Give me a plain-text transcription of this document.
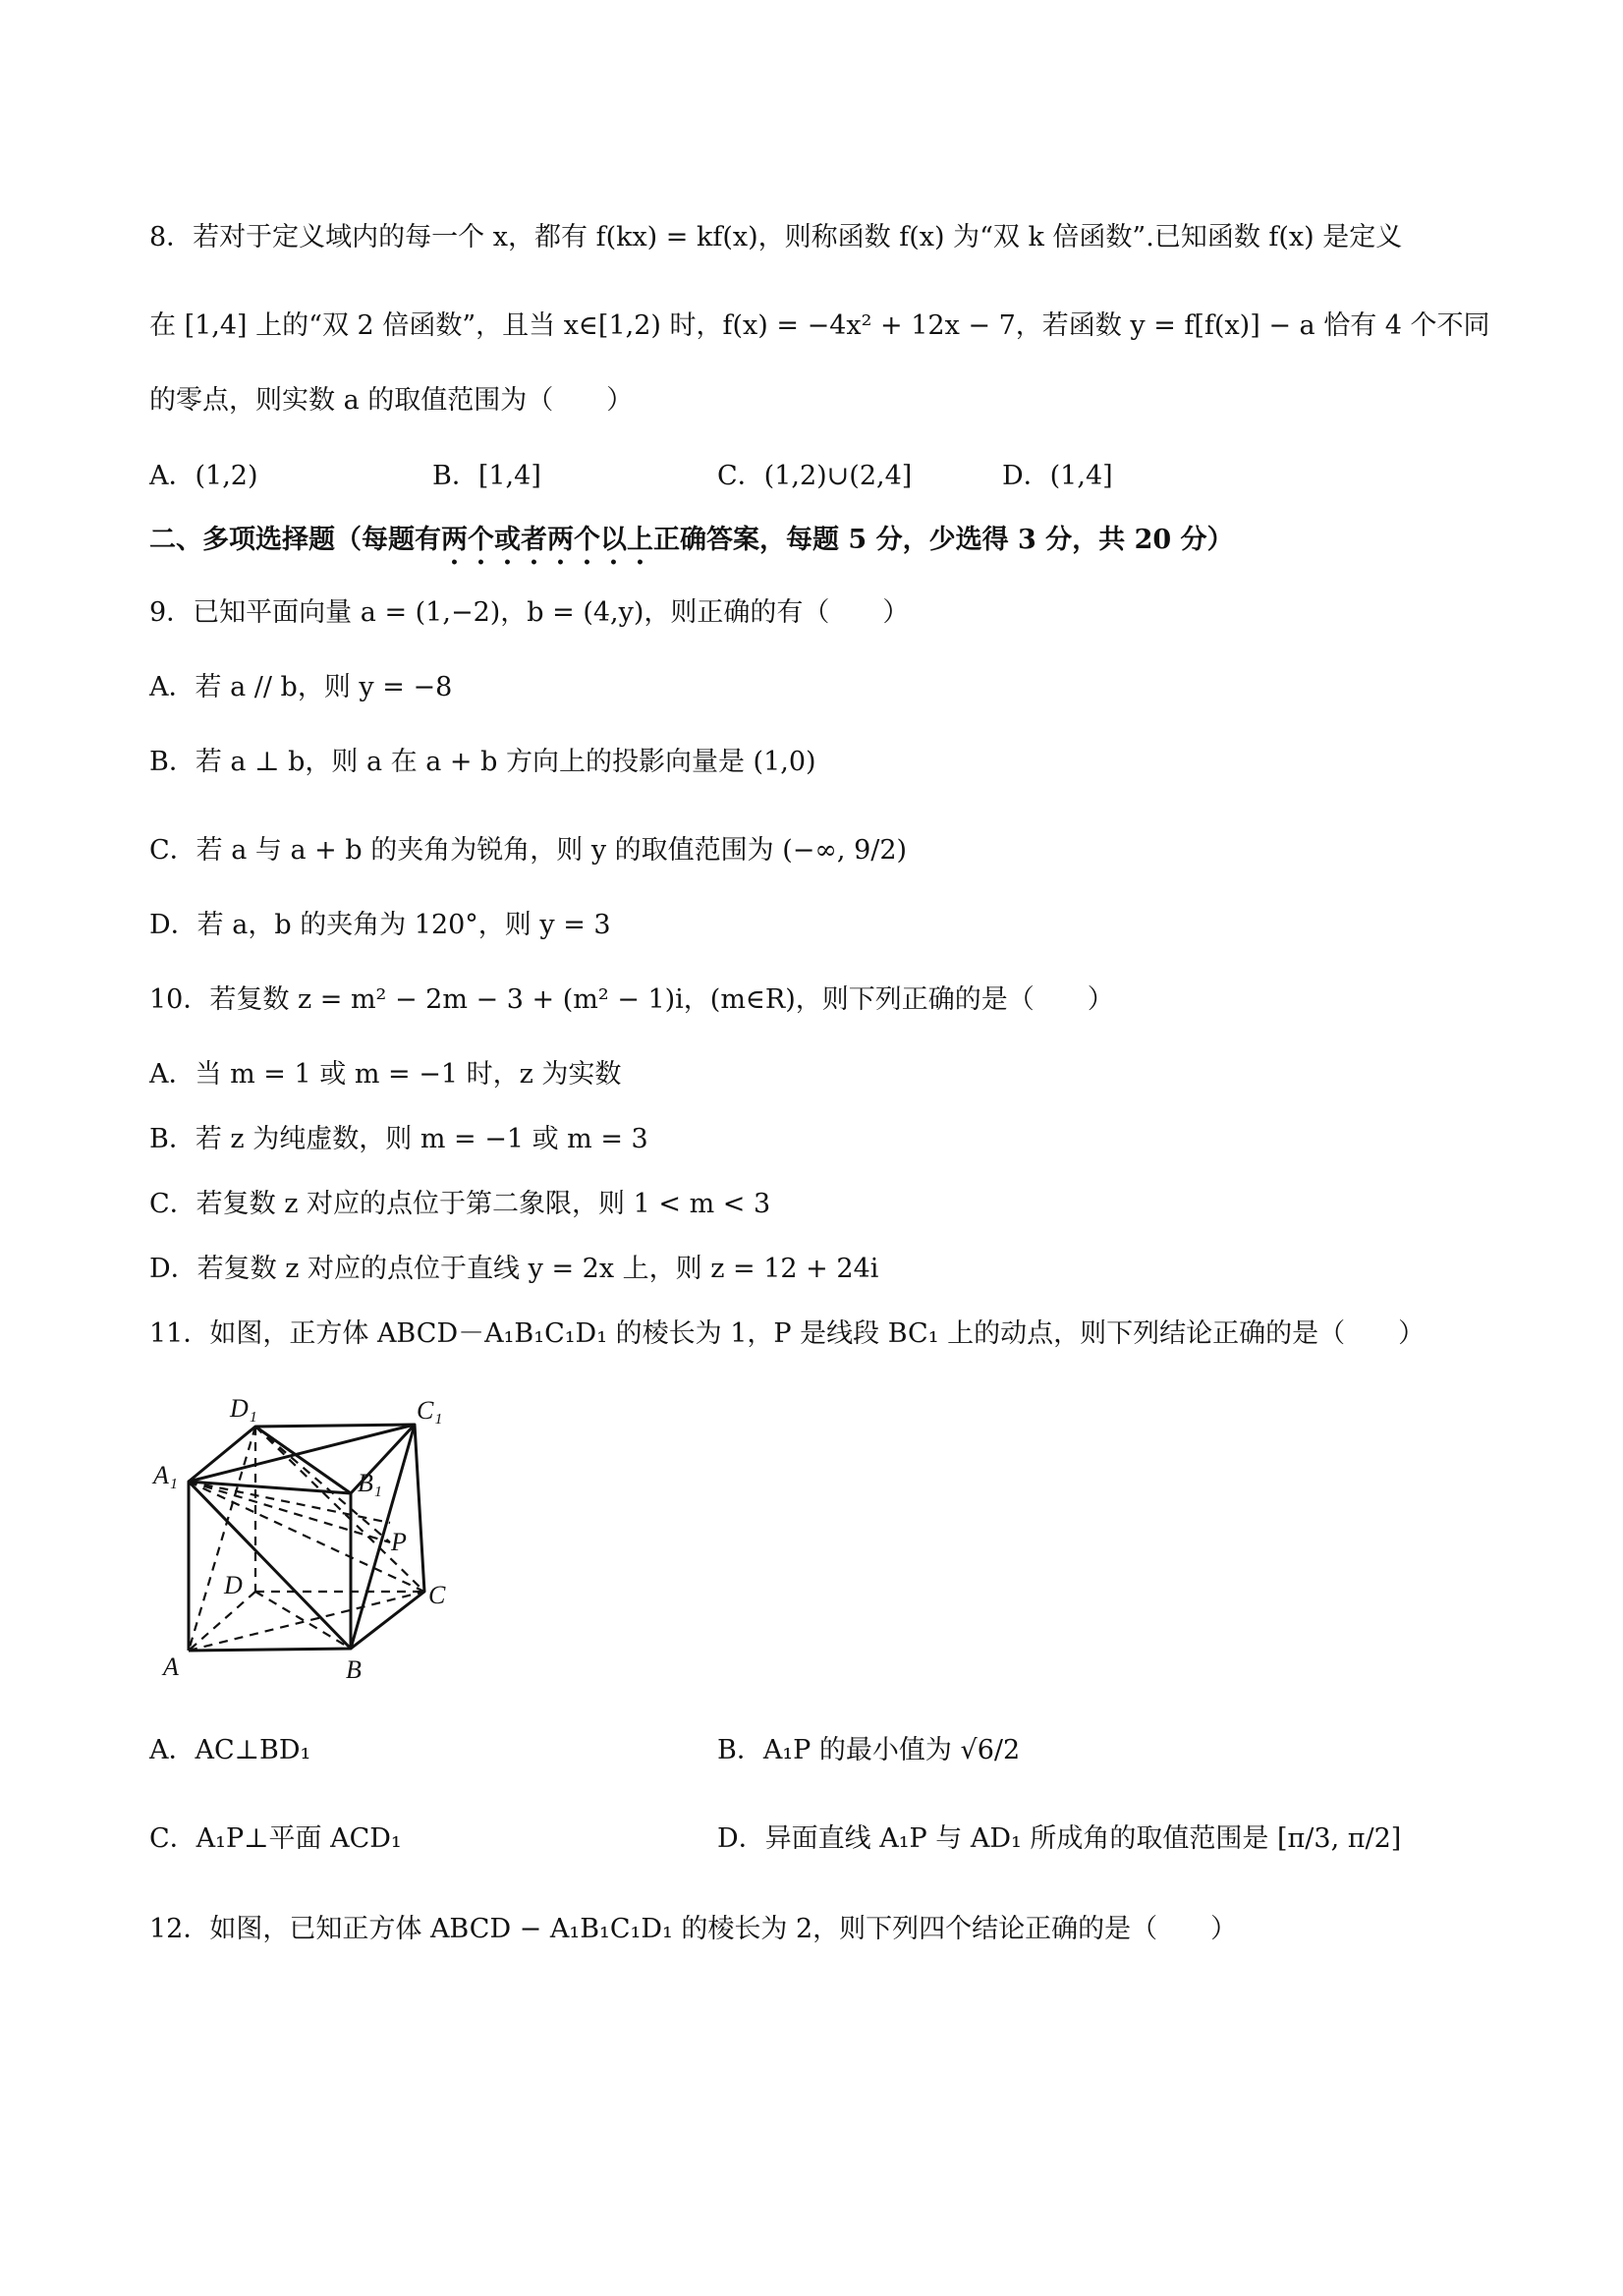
8．若对于定义域内的每一个 x，都有 f(kx) = kf(x)，则称函数 f(x) 为“双 k 倍函数”.已知函数 f(x) 是定义
在 [1,4] 上的“双 2 倍函数”，且当 x∈[1,2) 时，f(x) = −4x² + 12x − 7，若函数 y = f[f(x)] − a 恰有 4 个不同
的零点，则实数 a 的取值范围为（　　）
A．(1,2)	B．[1,4]	C．(1,2)∪(2,4]	D．(1,4]
二、多项选择题（每题有两个或者两个以上正确答案，每题 5 分，少选得 3 分，共 20 分）
9．已知平面向量 a = (1,−2)，b = (4,y)，则正确的有（　　）
A．若 a // b，则 y = −8
B．若 a ⊥ b，则 a 在 a + b 方向上的投影向量是 (1,0)
C．若 a 与 a + b 的夹角为锐角，则 y 的取值范围为 (−∞, 9/2)
D．若 a，b 的夹角为 120°，则 y = 3
10．若复数 z = m² − 2m − 3 + (m² − 1)i，(m∈R)，则下列正确的是（　　）
A．当 m = 1 或 m = −1 时，z 为实数
B．若 z 为纯虚数，则 m = −1 或 m = 3
C．若复数 z 对应的点位于第二象限，则 1 < m < 3
D．若复数 z 对应的点位于直线 y = 2x 上，则 z = 12 + 24i
11．如图，正方体 ABCD－A₁B₁C₁D₁ 的棱长为 1，P 是线段 BC₁ 上的动点，则下列结论正确的是（　　）
A	B
C
D
A₁	B₁
C₁
D₁
P
A．AC⊥BD₁	B．A₁P 的最小值为 √6/2
C．A₁P⊥平面 ACD₁	D．异面直线 A₁P 与 AD₁ 所成角的取值范围是 [π/3, π/2]
12．如图，已知正方体 ABCD − A₁B₁C₁D₁ 的棱长为 2，则下列四个结论正确的是（　　）
